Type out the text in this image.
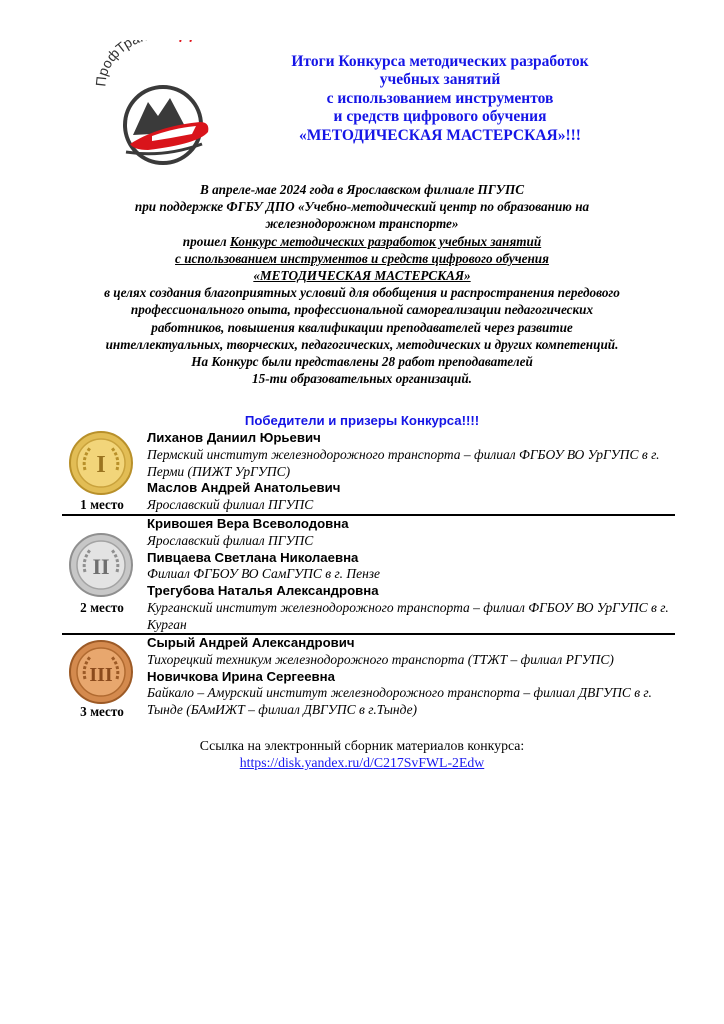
ПрофТр
Итоги Конкурса методических разработок
учебных занятий
с использованием инструментов
и средств цифрового обучения
«МЕТОДИЧЕСКАЯ МАСТЕРСКАЯ»!!!
В апреле-мае 2024 года в Ярославском филиале ПГУПС
при поддержке ФГБУ ДПО «Учебно-методический центр по образованию на
железнодорожном транспорте»
прошел Конкурс методических разработок учебных занятий
с использованием инструментов и средств цифрового обучения
«МЕТОДИЧЕСКАЯ МАСТЕРСКАЯ»
в целях создания благоприятных условий для обобщения и распространения передового
профессионального опыта, профессиональной самореализации педагогических
работников, повышения квалификации преподавателей через развитие
интеллектуальных, творческих, педагогических, методических и других компетенций.
На Конкурс были представлены 28 работ преподавателей
15-ти образовательных организаций.
Победители и призеры Конкурса!!!!
I
1 место
Лиханов Даниил Юрьевич
Пермский институт железнодорожного транспорта – филиал ФГБОУ ВО УрГУПС в г. Перми (ПИЖТ УрГУПС)
Маслов Андрей Анатольевич
Ярославский филиал ПГУПС
II
2 место
Кривошея Вера Всеволодовна
Ярославский филиал ПГУПС
Пивцаева Светлана Николаевна
Филиал ФГБОУ ВО СамГУПС в г. Пензе
Трегубова Наталья Александровна
Курганский институт железнодорожного транспорта – филиал ФГБОУ ВО УрГУПС в г. Курган
III
3 место
Сырый Андрей Александрович
Тихорецкий техникум железнодорожного транспорта (ТТЖТ – филиал РГУПС)
Новичкова Ирина Сергеевна
Байкало – Амурский институт железнодорожного транспорта – филиал ДВГУПС в г. Тынде (БАмИЖТ – филиал ДВГУПС в г.Тынде)
Ссылка на электронный сборник материалов конкурса:
https://disk.yandex.ru/d/C217SvFWL-2Edw
